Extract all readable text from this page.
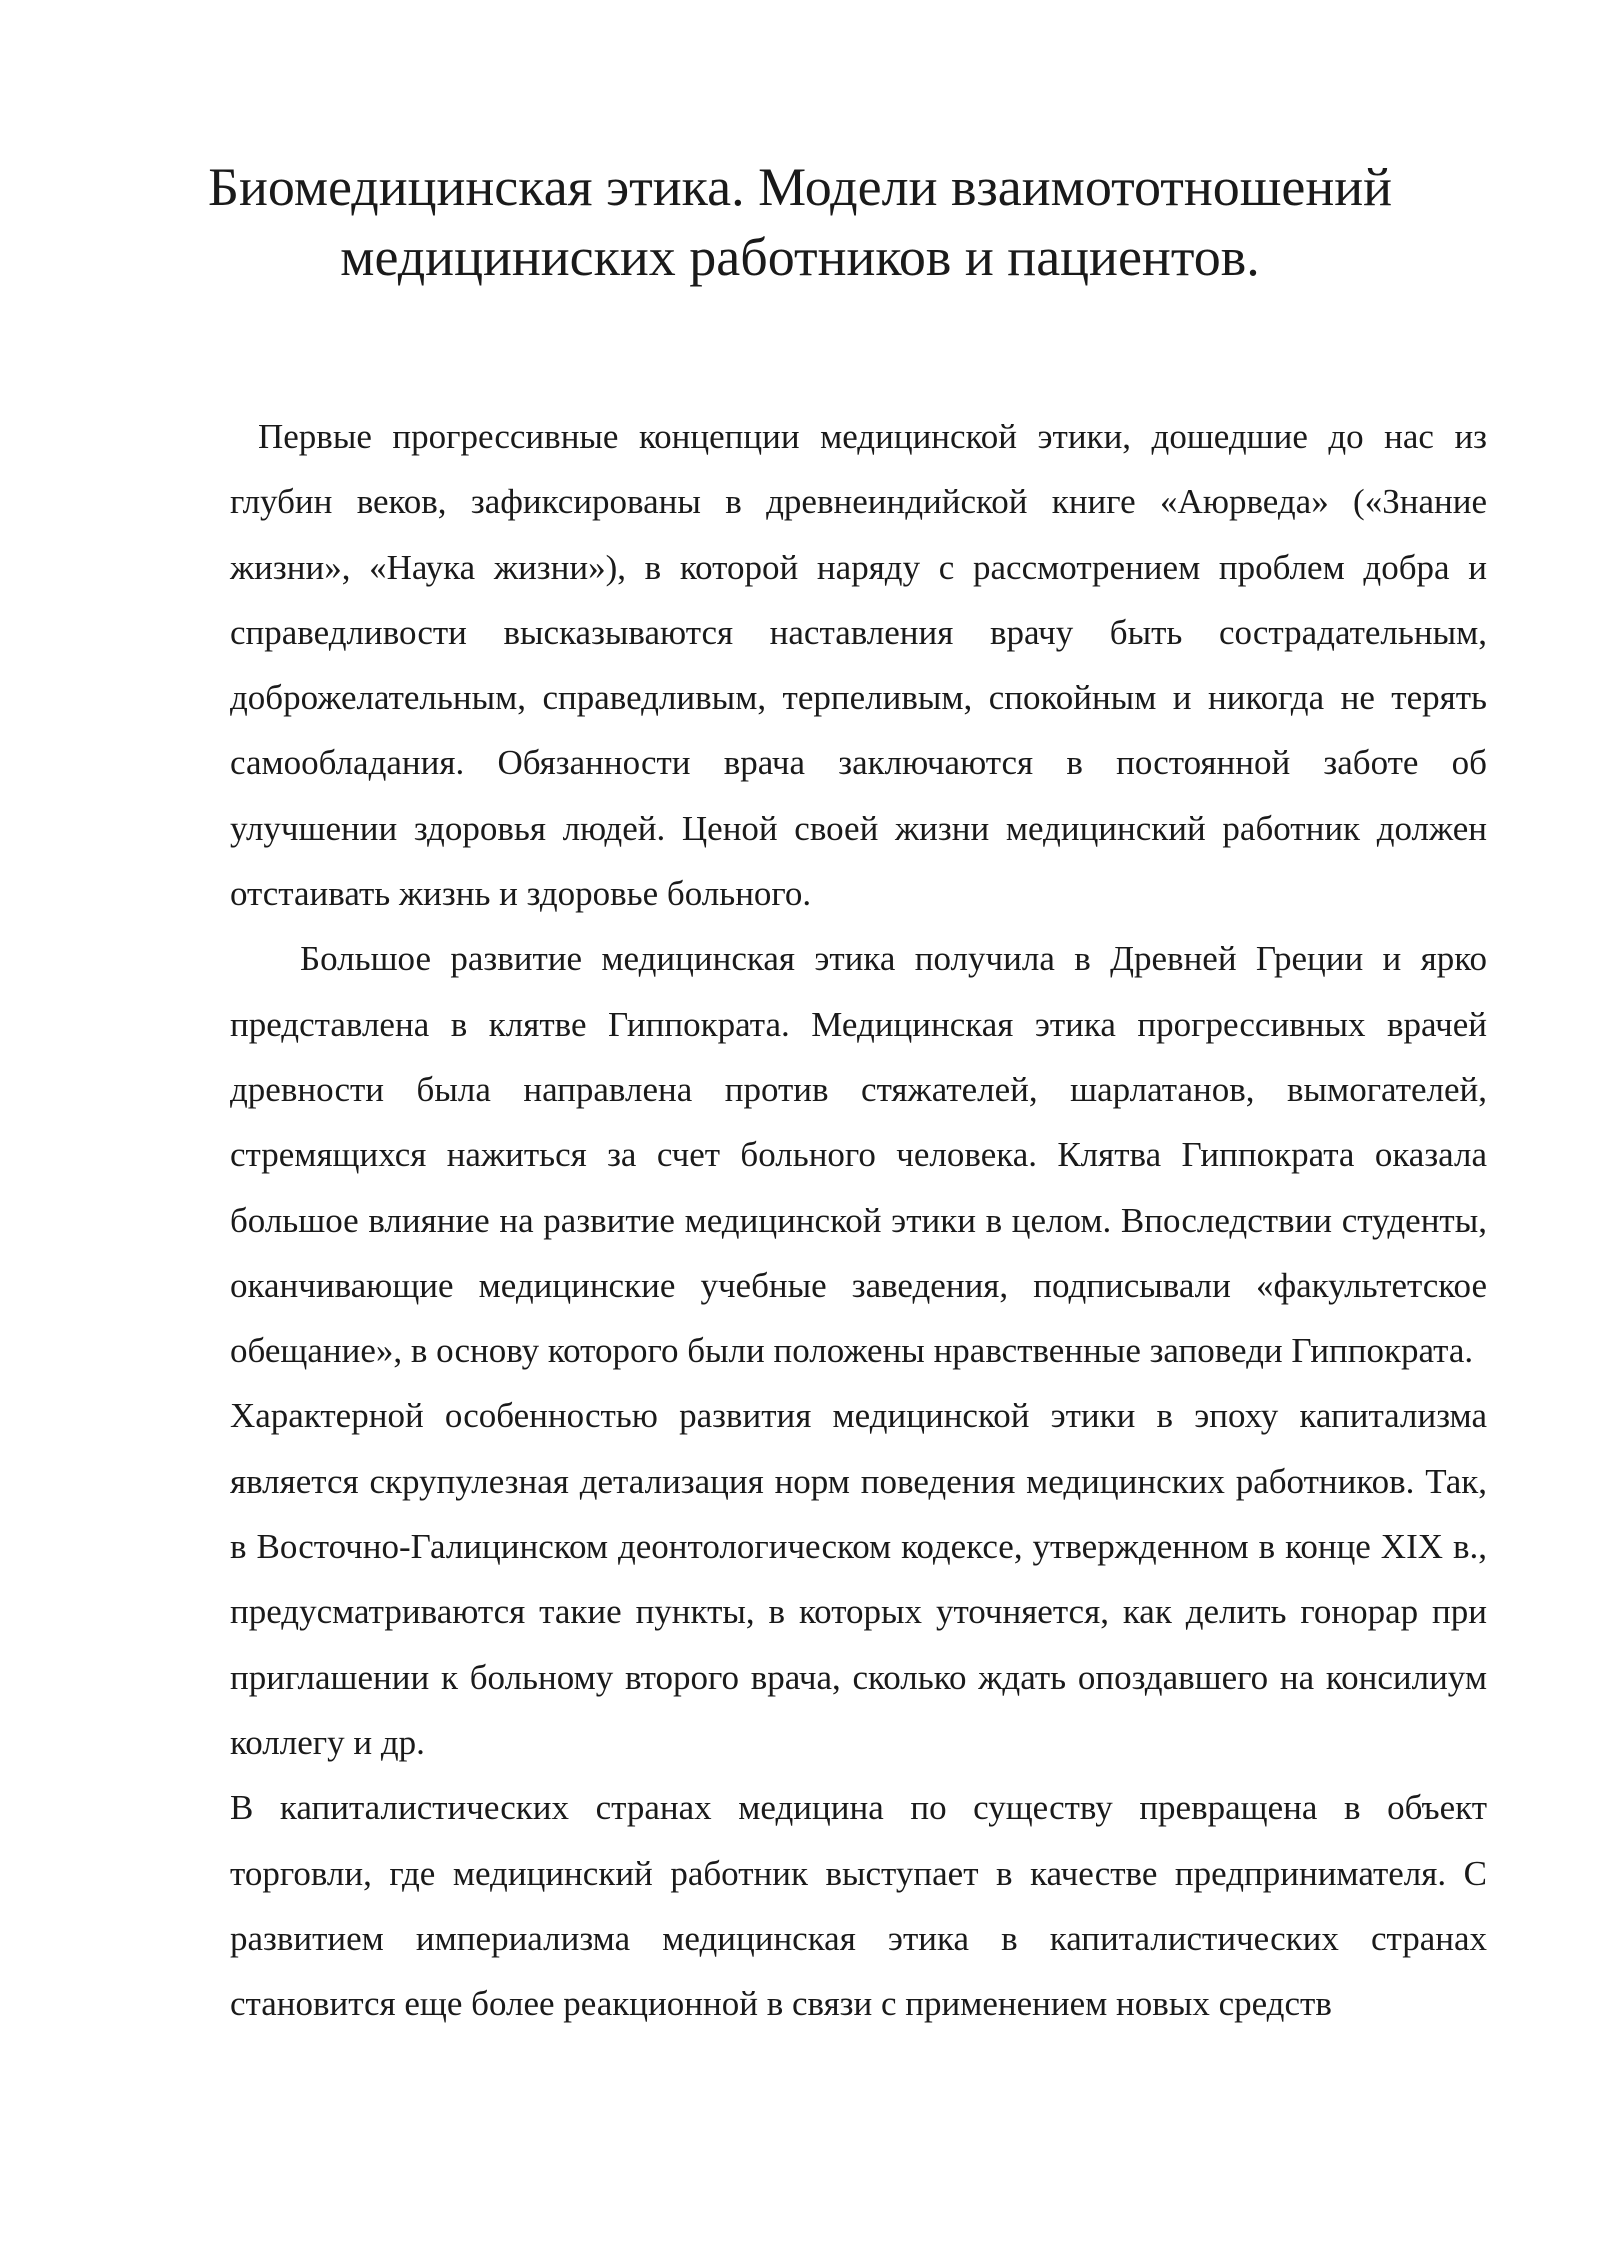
Биомедицинская этика. Модели взаимототношений медициниских работников и пациентов.

Первые прогрессивные концепции медицинской этики, дошедшие до нас из глубин веков, зафиксированы в древнеиндийской книге «Аюрведа» («Знание жизни», «Наука жизни»), в которой наряду с рассмотрением проблем добра и справедливости высказываются наставления врачу быть сострадательным, доброжелательным, справедливым, терпеливым, спокойным и никогда не терять самообладания. Обязанности врача заключаются в постоянной заботе об улучшении здоровья людей. Ценой своей жизни медицинский работник должен отстаивать жизнь и здоровье больного.

Большое развитие медицинская этика получила в Древней Греции и ярко представлена в клятве Гиппократа. Медицинская этика прогрессивных врачей древности была направлена против стяжателей, шарлатанов, вымогателей, стремящихся нажиться за счет больного человека. Клятва Гиппократа оказала большое влияние на развитие медицинской этики в целом. Впоследствии студенты, оканчивающие медицинские учебные заведения, подписывали «факультетское обещание», в основу которого были положены нравственные заповеди Гиппократа.

Характерной особенностью развития медицинской этики в эпоху капитализма является скрупулезная детализация норм поведения медицинских работников. Так, в Восточно-Галицинском деонтологическом кодексе, утвержденном в конце XIX в., предусматриваются такие пункты, в которых уточняется, как делить гонорар при приглашении к больному второго врача, сколько ждать опоздавшего на консилиум коллегу и др.

В капиталистических странах медицина по существу превращена в объект торговли, где медицинский работник выступает в качестве предпринимателя. С развитием империализма медицинская этика в капиталистических странах становится еще более реакционной в связи с применением новых средств
